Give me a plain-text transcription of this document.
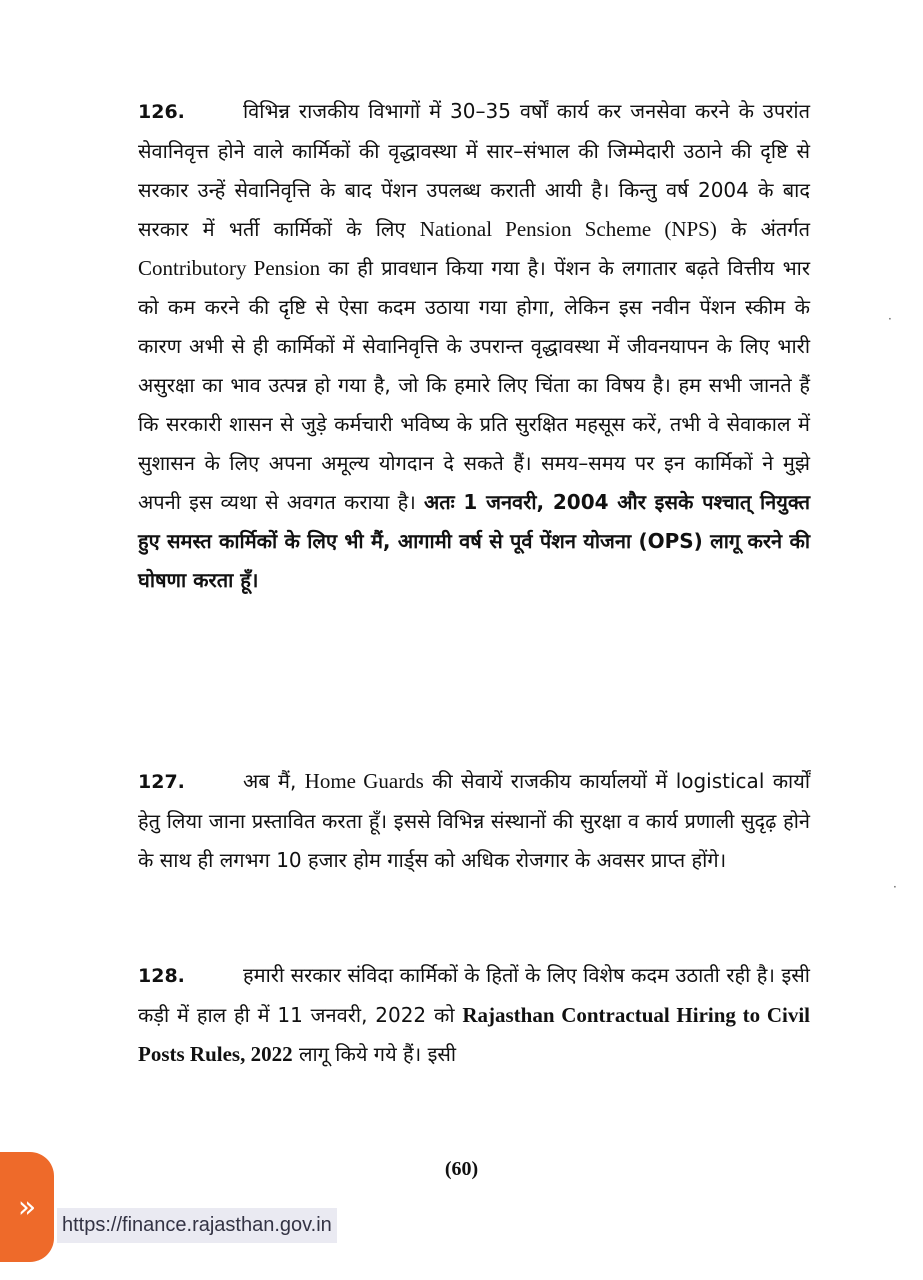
126.	विभिन्न राजकीय विभागों में 30–35 वर्षों कार्य कर जनसेवा करने के उपरांत सेवानिवृत्त होने वाले कार्मिकों की वृद्धावस्था में सार–संभाल की जिम्मेदारी उठाने की दृष्टि से सरकार उन्हें सेवानिवृत्ति के बाद पेंशन उपलब्ध कराती आयी है। किन्तु वर्ष 2004 के बाद सरकार में भर्ती कार्मिकों के लिए National Pension Scheme (NPS) के अंतर्गत Contributory Pension का ही प्रावधान किया गया है। पेंशन के लगातार बढ़ते वित्तीय भार को कम करने की दृष्टि से ऐसा कदम उठाया गया होगा, लेकिन इस नवीन पेंशन स्कीम के कारण अभी से ही कार्मिकों में सेवानिवृत्ति के उपरान्त वृद्धावस्था में जीवनयापन के लिए भारी असुरक्षा का भाव उत्पन्न हो गया है, जो कि हमारे लिए चिंता का विषय है। हम सभी जानते हैं कि सरकारी शासन से जुड़े कर्मचारी भविष्य के प्रति सुरक्षित महसूस करें, तभी वे सेवाकाल में सुशासन के लिए अपना अमूल्य योगदान दे सकते हैं। समय–समय पर इन कार्मिकों ने मुझे अपनी इस व्यथा से अवगत कराया है। अतः 1 जनवरी, 2004 और इसके पश्चात् नियुक्त हुए समस्त कार्मिकों के लिए भी मैं, आगामी वर्ष से पूर्व पेंशन योजना (OPS) लागू करने की घोषणा करता हूँ।

127.	अब मैं, Home Guards की सेवायें राजकीय कार्यालयों में logistical कार्यों हेतु लिया जाना प्रस्तावित करता हूँ। इससे विभिन्न संस्थानों की सुरक्षा व कार्य प्रणाली सुदृढ़ होने के साथ ही लगभग 10 हजार होम गार्ड्स को अधिक रोजगार के अवसर प्राप्त होंगे।

128.	हमारी सरकार संविदा कार्मिकों के हितों के लिए विशेष कदम उठाती रही है। इसी कड़ी में हाल ही में 11 जनवरी, 2022 को Rajasthan Contractual Hiring to Civil Posts Rules, 2022 लागू किये गये हैं। इसी

(60)
·
·
»
https://finance.rajasthan.gov.in
